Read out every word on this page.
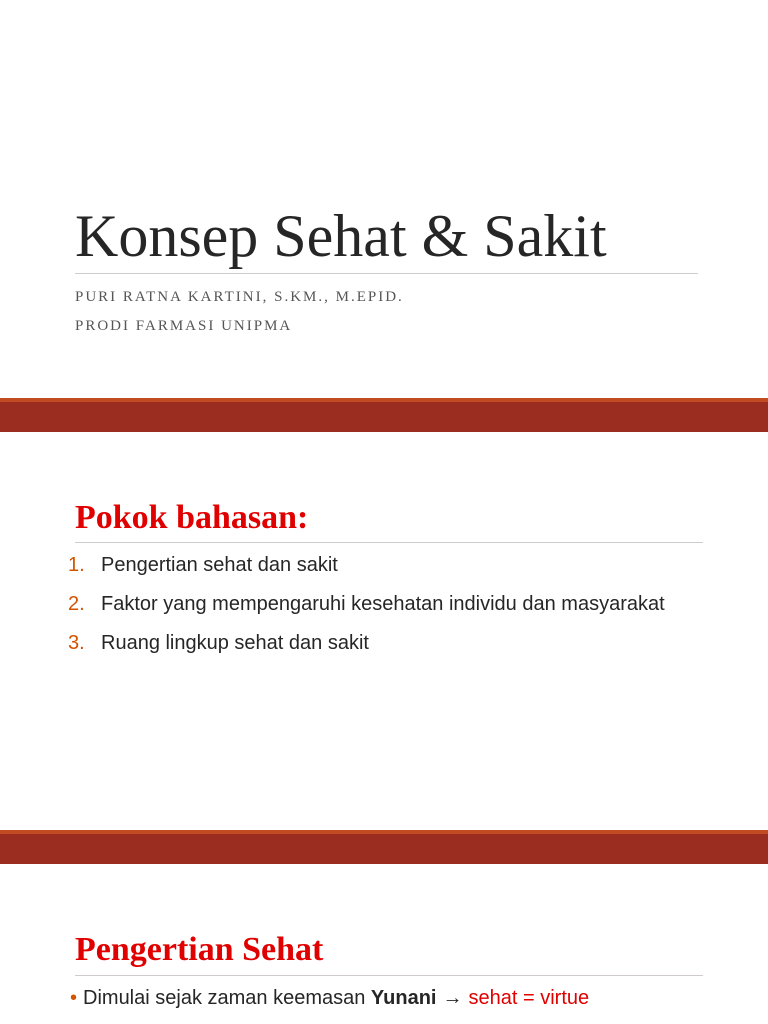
Konsep Sehat & Sakit

PURI RATNA KARTINI, S.KM., M.EPID.

PRODI FARMASI UNIPMA

Pokok bahasan:
1. Pengertian sehat dan sakit
2. Faktor yang mempengaruhi kesehatan individu dan masyarakat
3. Ruang lingkup sehat dan sakit
Pengertian Sehat

• Dimulai sejak zaman keemasan Yunani → sehat = virtue
